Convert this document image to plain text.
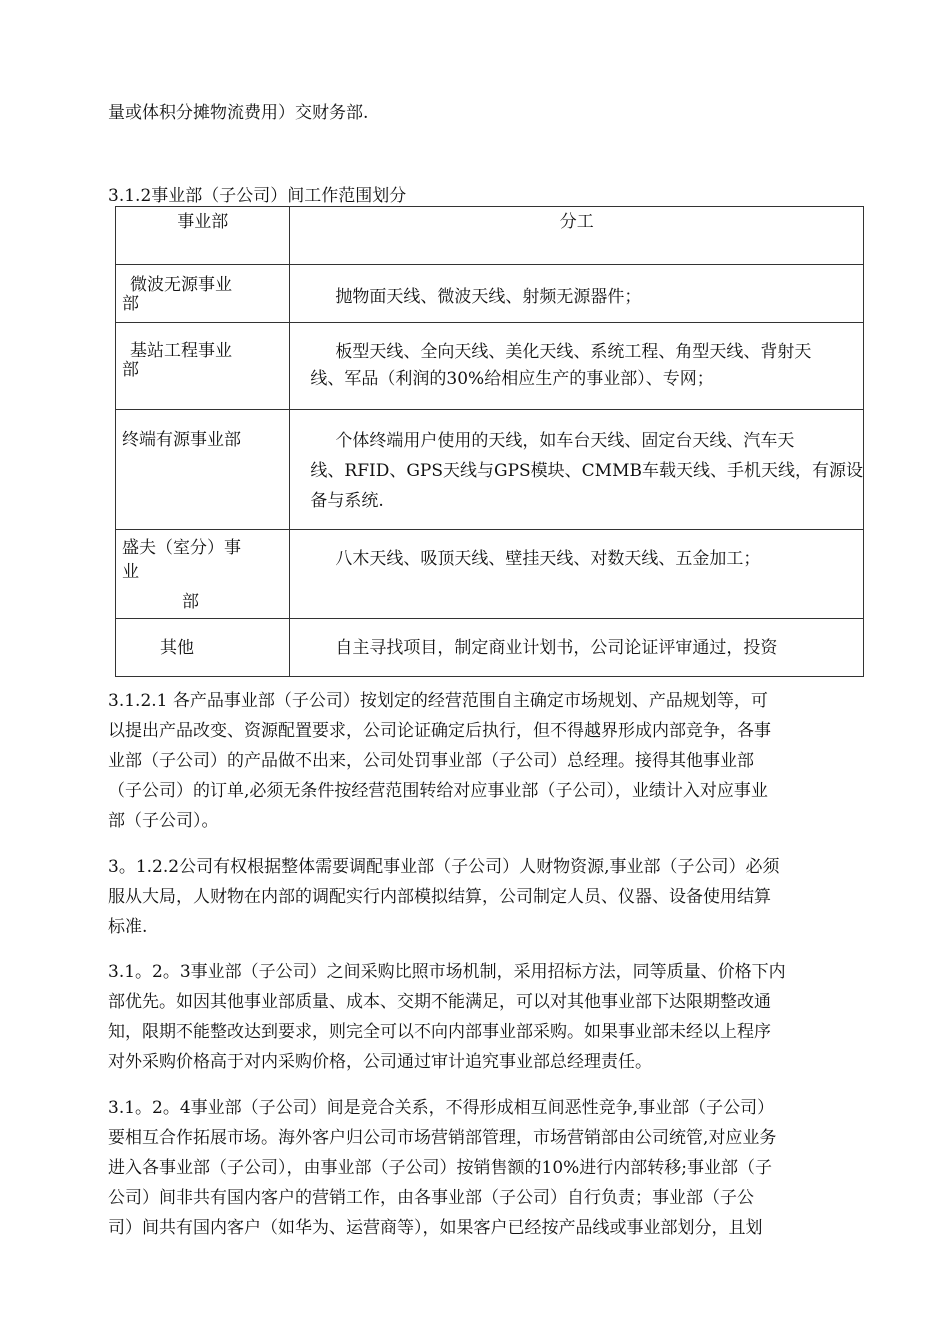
量或体积分摊物流费用）交财务部.
3.1.2事业部（子公司）间工作范围划分
事业部	分工

微波无源事业
部	抛物面天线、微波天线、射频无源器件；

基站工程事业
部	板型天线、全向天线、美化天线、系统工程、角型天线、背射天
线、军品（利润的30%给相应生产的事业部）、专网；

终端有源事业部	个体终端用户使用的天线，如车台天线、固定台天线、汽车天
线、RFID、GPS天线与GPS模块、CMMB车载天线、手机天线，有源设
备与系统.

盛夫（室分）事
业
部	八木天线、吸顶天线、壁挂天线、对数天线、五金加工；

其他	自主寻找项目，制定商业计划书，公司论证评审通过，投资
3.1.2.1 各产品事业部（子公司）按划定的经营范围自主确定市场规划、产品规划等，可
以提出产品改变、资源配置要求，公司论证确定后执行，但不得越界形成内部竞争，各事
业部（子公司）的产品做不出来，公司处罚事业部（子公司）总经理。接得其他事业部
（子公司）的订单,必须无条件按经营范围转给对应事业部（子公司），业绩计入对应事业
部（子公司）。
3。1.2.2公司有权根据整体需要调配事业部（子公司）人财物资源,事业部（子公司）必须
服从大局，人财物在内部的调配实行内部模拟结算，公司制定人员、仪器、设备使用结算
标准.
3.1。2。3事业部（子公司）之间采购比照市场机制，采用招标方法，同等质量、价格下内
部优先。如因其他事业部质量、成本、交期不能满足，可以对其他事业部下达限期整改通
知，限期不能整改达到要求，则完全可以不向内部事业部采购。如果事业部未经以上程序
对外采购价格高于对内采购价格，公司通过审计追究事业部总经理责任。
3.1。2。4事业部（子公司）间是竞合关系，不得形成相互间恶性竞争,事业部（子公司）
要相互合作拓展市场。海外客户归公司市场营销部管理，市场营销部由公司统管,对应业务
进入各事业部（子公司），由事业部（子公司）按销售额的10%进行内部转移;事业部（子
公司）间非共有国内客户的营销工作，由各事业部（子公司）自行负责；事业部（子公
司）间共有国内客户（如华为、运营商等），如果客户已经按产品线或事业部划分，且划
